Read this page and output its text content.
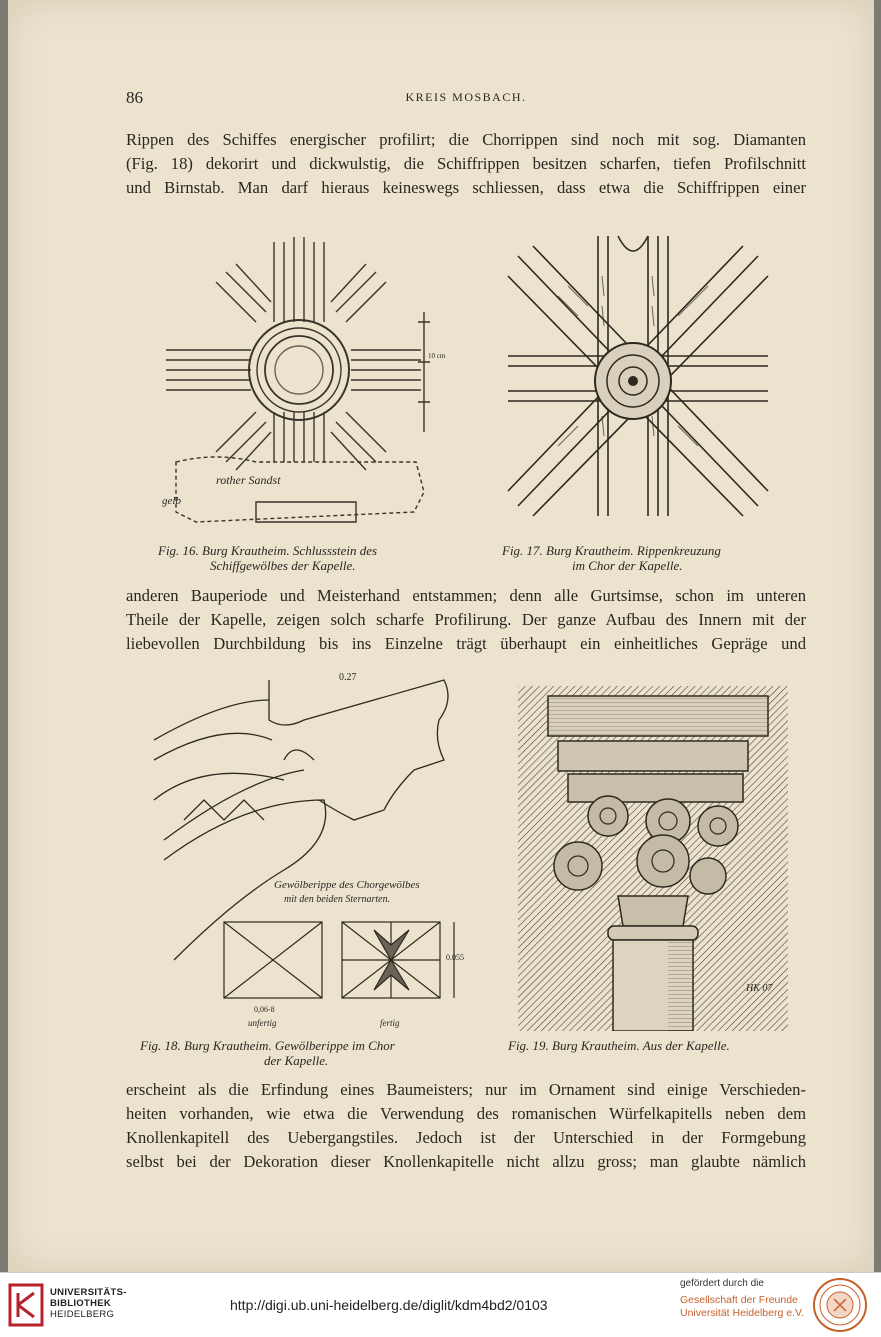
86	KREIS MOSBACH.
Rippen des Schiffes energischer profilirt; die Chorrippen sind noch mit sog. Diamanten
(Fig. 18) dekorirt und dickwulstig, die Schiffrippen besitzen scharfen, tiefen Profilschnitt
und Birnstab. Man darf hieraus keineswegs schliessen, dass etwa die Schiffrippen einer
rother Sandst
gelb
10 cm
Fig. 16. Burg Krautheim. Schlussstein des
Schiffgewölbes der Kapelle.
Fig. 17. Burg Krautheim. Rippenkreuzung
im Chor der Kapelle.
anderen Bauperiode und Meisterhand entstammen; denn alle Gurtsimse, schon im unteren
Theile der Kapelle, zeigen solch scharfe Profilirung. Der ganze Aufbau des Innern mit der
liebevollen Durchbildung bis ins Einzelne trägt überhaupt ein einheitliches Gepräge und
0.27
Gewölberippe des Chorgewölbes
mit den beiden Sternarten.
0.055
0,06-8
unfertig	fertig
Fig. 18. Burg Krautheim. Gewölberippe im Chor
der Kapelle.
HK 07
Fig. 19. Burg Krautheim. Aus der Kapelle.
erscheint als die Erfindung eines Baumeisters; nur im Ornament sind einige Verschieden-
heiten vorhanden, wie etwa die Verwendung des romanischen Würfelkapitells neben dem
Knollenkapitell des Uebergangstiles. Jedoch ist der Unterschied in der Formgebung
selbst bei der Dekoration dieser Knollenkapitelle nicht allzu gross; man glaubte nämlich
UNIVERSITÄTS-
BIBLIOTHEK
HEIDELBERG
http://digi.ub.uni-heidelberg.de/diglit/kdm4bd2/0103
gefördert durch die
Gesellschaft der Freunde
Universität Heidelberg e.V.
